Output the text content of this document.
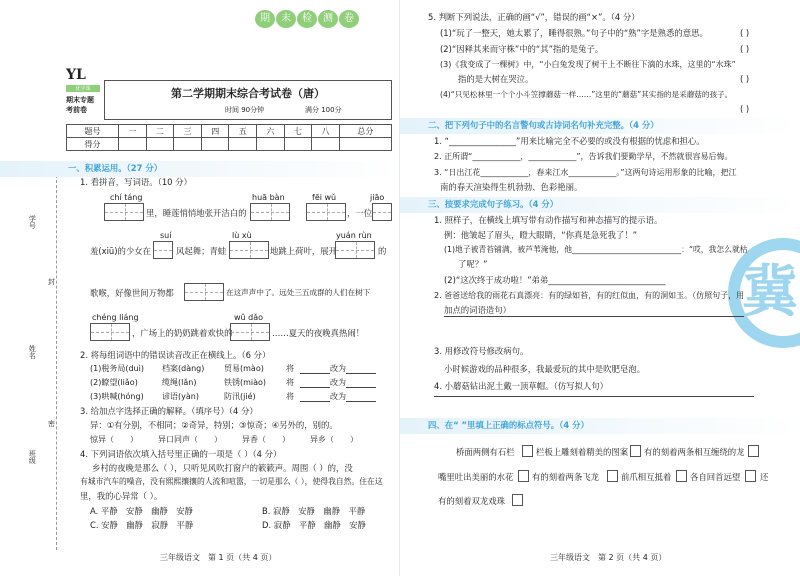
期 末 检 测 卷
YL
优学课
期末专题
考前卷
第二学期期末综合考试卷（唐）
时间 90分钟	满分 100分
学号
封
姓名
密
班级
题号	一	二	三	四	五	六	七	八	总分
得分									
一、积累运用。（27 分）
1. 看拼音，写词语。（10 分）
chí táng	huā bàn	fēi wǔ	jiāo
里，睡莲悄悄地张开洁白的	，一位
suí	lù xù	yuán rùn
羞(xiū)的少女在	风起舞；青蛙	地跳上荷叶，展开	的
歌喉，好像世间万物都	在这声声中了。远处三五成群的人们在树下
chéng liáng	wǔ dǎo
，广场上的奶奶跳着欢快的	……夏天的夜晚真热闹！
2. 将每组词语中的错误读音改正在横线上。（6 分）
(1)税务局(duì) 档案(dàng) 贸易(mào)	将	改为
(2)瞭望(liǎo)	缆绳(lǎn)	铁锈(miào) 将	改为
(3)哄喊(hóng) 谚语(yàn)	防汛(jié)	将	改为
3. 给加点字选择正确的解释。（填序号）（4 分）
异：①有分别，不相同；②奇异，特别；③惊奇；④另外的，别的。
惊异（　　）	异口同声（　　）	异香（　　）	异乡（　　）
4. 下列词语依次填入括号里正确的一项是（ ）（4 分）
乡村的夜晚是那么（ ），只听见风吹打窗户的簌簌声。周围（ ）的，没
有城市汽车的噪音，没有熙熙攘攘的人流和喧嚣，一切是那么（ ），使得我自然。住在这
里，我的心异常（ ）。
A. 平静　安静　幽静　安静	B. 寂静　安静　幽静　平静
C. 安静　幽静　寂静　平静	D. 寂静　平静　幽静　安静
三年级语文　第 1 页（共 4 页）
冀
5. 判断下列说法，正确的画“√”，错误的画“×”。（4 分）
(1)“玩了一整天，她太累了，睡得很熟。”句子中的“熟”字是熟悉的意思。	( )
(2)“因释其来而守株”中的“其”指的是兔子。	( )
(3)《我变成了一棵树》中，“小白兔发现了树干上不断往下滴的水珠，这里的“水珠”
指的是大树在哭泣。	( )
(4)“只见松林里一个个小斗笠撑蘑菇一样……”这里的“蘑菇”其实指的是采蘑菇的孩子。
( )
二、把下列句子中的名言警句或古诗词名句补充完整。（4 分）
1. “________________”用来比喻完全不必要的或没有根据的忧虑和担心。
2. 正所谓“____________，____________”，告诉我们要勤学早，不然就很容易后悔。
3. “日出江花____________，春来江水____________。”这两句诗运用形象的比喻，把江
南的春天渲染得生机勃勃、色彩艳丽。
三、按要求完成句子练习。（4 分）
1. 照样子，在横线上填写带有动作描写和神态描写的提示语。
例：他皱起了眉头，瞪大眼睛，“你真是急死我了！”
(1)地子被青苔铺满，被芦苇淹他，他____________________________：“哎，我怎么就枯
了呢？”
(2)“这次终于成功啦！”弟弟____________________________
2. 爸爸送给我的雨花石真漂亮：有的绿如苔，有的红似血，有的洞如玉。（仿照句子，用
加点的词语造句）
3. 用修改符号修改病句。
小时候游戏的品种很多，我最爱玩的其中是吹肥皂泡。
4. 小蘑菇钻出泥土戴一顶草帽。（仿写拟人句）
四、在“ ”里填上正确的标点符号。（4 分）
桥面两侧有石栏	栏板上雕刻着精美的图案 有的刻着两条相互缠绕的龙
嘴里吐出美丽的水花 有的刻着两条飞龙	前爪相互抵着 各自回首远望 还
有的刻着双龙戏珠
三年级语文　第 2 页（共 4 页）
